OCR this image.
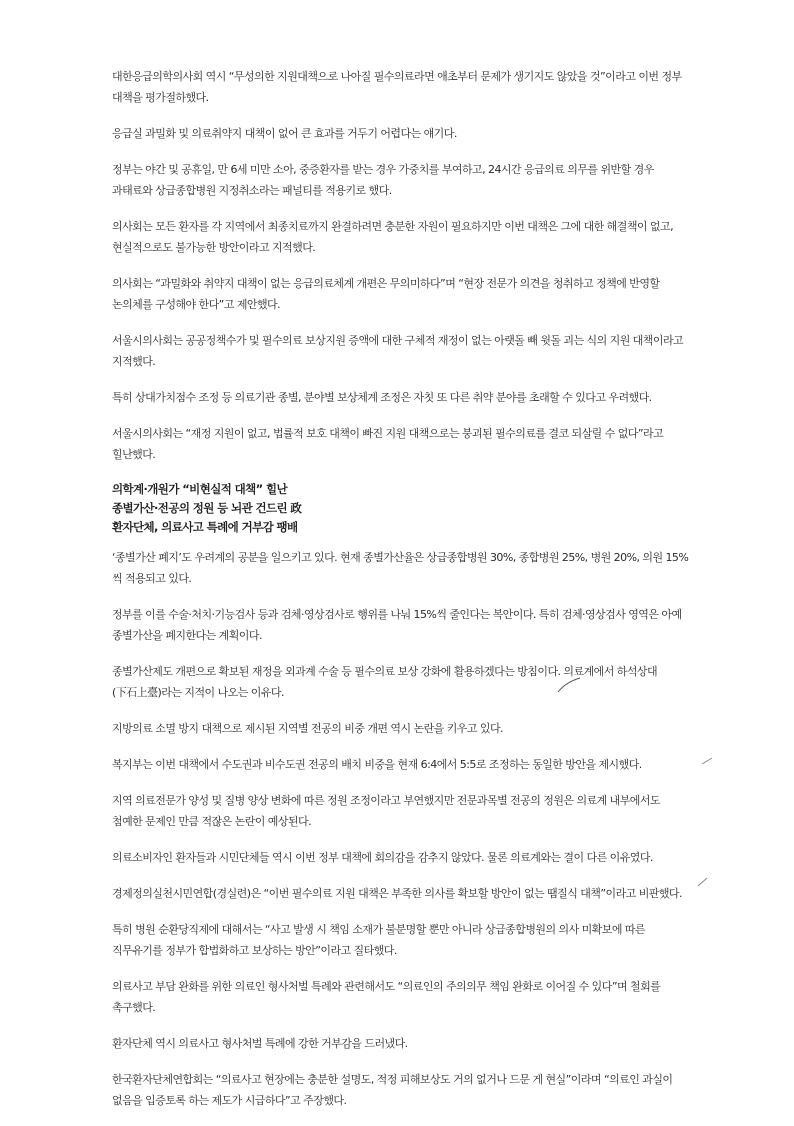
대한응급의학의사회 역시 “무성의한 지원대책으로 나아질 필수의료라면 애초부터 문제가 생기지도 않았을 것”이라고 이번 정부 대책을 평가절하했다.

응급실 과밀화 및 의료취약지 대책이 없어 큰 효과를 거두기 어렵다는 얘기다.

정부는 야간 및 공휴일, 만 6세 미만 소아, 중증환자를 받는 경우 가중치를 부여하고, 24시간 응급의료 의무를 위반할 경우 과태료와 상급종합병원 지정취소라는 패널티를 적용키로 했다.

의사회는 모든 환자를 각 지역에서 최종치료까지 완결하려면 충분한 자원이 필요하지만 이번 대책은 그에 대한 해결책이 없고, 현실적으로도 불가능한 방안이라고 지적했다.

의사회는 “과밀화와 취약지 대책이 없는 응급의료체계 개편은 무의미하다”며 “현장 전문가 의견을 청취하고 정책에 반영할 논의체를 구성해야 한다”고 제안했다.

서울시의사회는 공공정책수가 및 필수의료 보상지원 증액에 대한 구체적 재정이 없는 아랫돌 빼 윗돌 괴는 식의 지원 대책이라고 지적했다.

특히 상대가치점수 조정 등 의료기관 종별, 분야별 보상체계 조정은 자칫 또 다른 취약 분야를 초래할 수 있다고 우려했다.

서울시의사회는 “재정 지원이 없고, 법률적 보호 대책이 빠진 지원 대책으로는 붕괴된 필수의료를 결코 되살릴 수 없다”라고 힐난했다.

의학계·개원가 “비현실적 대책” 힐난
종별가산·전공의 정원 등 뇌관 건드린 政
환자단체, 의료사고 특례에 거부감 팽배

‘종별가산 폐지’도 우려계의 공분을 일으키고 있다. 현재 종별가산율은 상급종합병원 30%, 종합병원 25%, 병원 20%, 의원 15%씩 적용되고 있다.

정부를 이를 수술·처치·기능검사 등과 검체·영상검사로 행위를 나눠 15%씩 줄인다는 복안이다. 특히 검체·영상검사 영역은 아예 종별가산을 폐지한다는 계획이다.

종별가산제도 개편으로 확보된 재정을 외과계 수술 등 필수의료 보상 강화에 활용하겠다는 방침이다. 의료계에서 하석상대(下石上臺)라는 지적이 나오는 이유다.

지방의료 소멸 방지 대책으로 제시된 지역별 전공의 비중 개편 역시 논란을 키우고 있다.

복지부는 이번 대책에서 수도권과 비수도권 전공의 배치 비중을 현재 6:4에서 5:5로 조정하는 동일한 방안을 제시했다.

지역 의료전문가 양성 및 질병 양상 변화에 따른 정원 조정이라고 부연했지만 전문과목별 전공의 정원은 의료계 내부에서도 첨예한 문제인 만큼 적잖은 논란이 예상된다.

의료소비자인 환자들과 시민단체들 역시 이번 정부 대책에 회의감을 감추지 않았다. 물론 의료계와는 결이 다른 이유였다.

경제정의실천시민연합(경실련)은 “이번 필수의료 지원 대책은 부족한 의사를 확보할 방안이 없는 땜질식 대책”이라고 비판했다.

특히 병원 순환당직제에 대해서는 “사고 발생 시 책임 소재가 불분명할 뿐만 아니라 상급종합병원의 의사 미확보에 따른 직무유기를 정부가 합법화하고 보상하는 방안”이라고 질타했다.

의료사고 부담 완화를 위한 의료인 형사처벌 특례와 관련해서도 “의료인의 주의의무 책임 완화로 이어질 수 있다”며 철회를 촉구했다.

환자단체 역시 의료사고 형사처벌 특례에 강한 거부감을 드러냈다.

한국환자단체연합회는 “의료사고 현장에는 충분한 설명도, 적정 피해보상도 거의 없거나 드문 게 현실”이라며 “의료인 과실이 없음을 입증토록 하는 제도가 시급하다”고 주장했다.
